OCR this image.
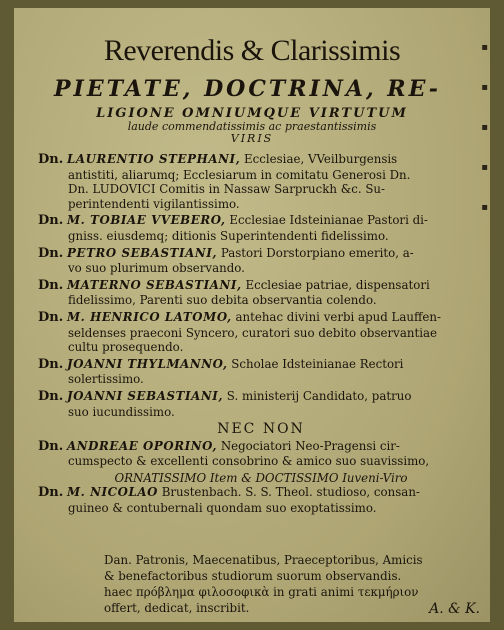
▪
▪
▪
▪
▪
Reverendis & Clarissimis
PIETATE, DOCTRINA, RE-
LIGIONE OMNIUMQUE VIRTUTUM
laude commendatissimis ac praestantissimis
VIRIS
Dn. LAURENTIO STEPHANI, Ecclesiae, VVeilburgensis
antistiti, aliarumq; Ecclesiarum in comitatu Generosi Dn.
Dn. LUDOVICI Comitis in Nassaw Sarpruckh &c. Su-
perintendenti vigilantissimo.
Dn. M. TOBIAE VVEBERO, Ecclesiae Idsteinianae Pastori di-
gniss. eiusdemq; ditionis Superintendenti fidelissimo.
Dn. PETRO SEBASTIANI, Pastori Dorstorpiano emerito, a-
vo suo plurimum observando.
Dn. MATERNO SEBASTIANI, Ecclesiae patriae, dispensatori
fidelissimo, Parenti suo debita observantia colendo.
Dn. M. HENRICO LATOMO, antehac divini verbi apud Lauffen-
seldenses praeconi Syncero, curatori suo debito observantiae
cultu prosequendo.
Dn. JOANNI THYLMANNO, Scholae Idsteinianae Rectori
solertissimo.
Dn. JOANNI SEBASTIANI, S. ministerij Candidato, patruo
suo iucundissimo.
NEC NON
Dn. ANDREAE OPORINO, Negociatori Neo-Pragensi cir-
cumspecto & excellenti consobrino & amico suo suavissimo,
ORNATISSIMO Item & DOCTISSIMO Iuveni-Viro
Dn. M. NICOLAO Brustenbach. S. S. Theol. studioso, consan-
guineo & contubernali quondam suo exoptatissimo.
Dan. Patronis, Maecenatibus, Praeceptoribus, Amicis
& benefactoribus studiorum suorum observandis.
haec πρόβλημα φιλοσοφικὰ in grati animi τεκμήριον
offert, dedicat, inscribit.	A. & K.
